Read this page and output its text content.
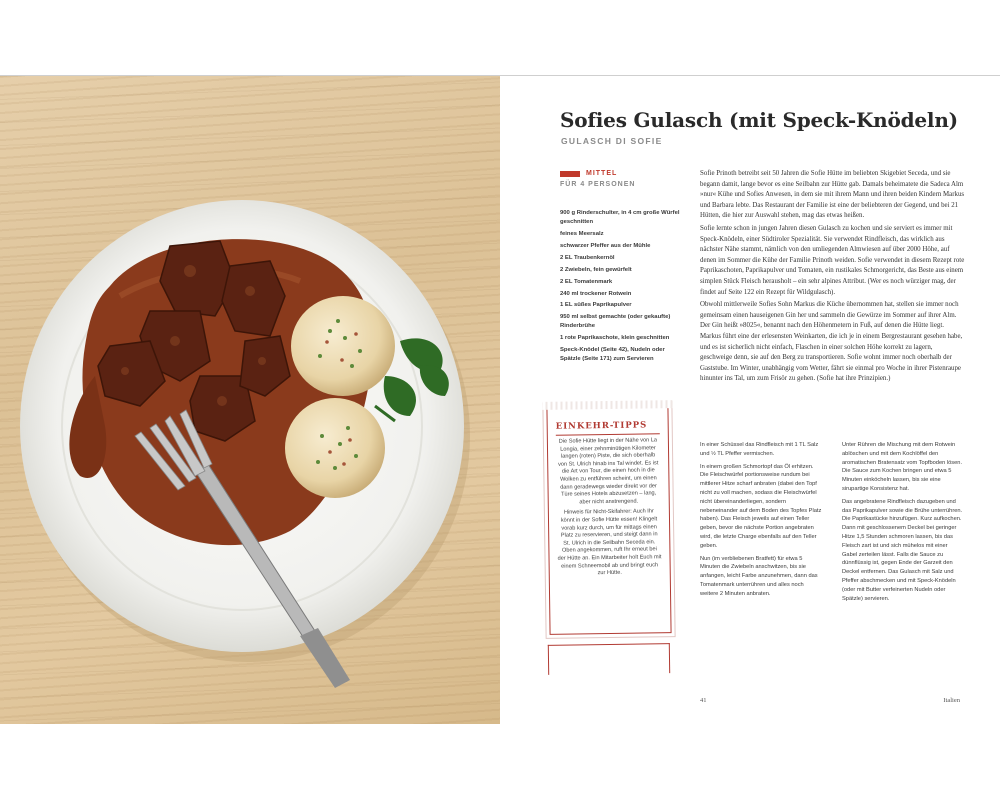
Sofies Gulasch (mit Speck-Knödeln)
GULASCH DI SOFIE
MITTEL
FÜR 4 PERSONEN
900 g Rinderschulter, in 4 cm große Würfel geschnitten
feines Meersalz
schwarzer Pfeffer aus der Mühle
2 EL Traubenkernöl
2 Zwiebeln, fein gewürfelt
2 EL Tomatenmark
240 ml trockener Rotwein
1 EL süßes Paprikapulver
950 ml selbst gemachte (oder gekaufte) Rinderbrühe
1 rote Paprikaschote, klein geschnitten
Speck-Knödel (Seite 42), Nudeln oder Spätzle (Seite 171) zum Servieren
EINKEHR-TIPPS

Die Sofie Hütte liegt in der Nähe von La Longia, einer zehnminütigen Kilometer langen (roten) Piste, die sich oberhalb von St. Ulrich hinab ins Tal windet. Es ist die Art von Tour, die einen hoch in die Wolken zu entführen scheint, um einen dann geradewegs wieder direkt vor der Türe seines Hotels abzusetzen – lang, aber nicht anstrengend.

Hinweis für Nicht-Skifahrer: Auch Ihr könnt in der Sofie Hütte essen! Klingelt vorab kurz durch, um für mittags einen Platz zu reservieren, und steigt dann in St. Ulrich in die Seilbahn Seceda ein. Oben angekommen, ruft Ihr erneut bei der Hütte an. Ein Mitarbeiter holt Euch mit einem Schneemobil ab und bringt euch zur Hütte.

Sofie Prinoth betreibt seit 50 Jahren die Sofie Hütte im beliebten Skigebiet Seceda, und sie begann damit, lange bevor es eine Seilbahn zur Hütte gab. Damals beheimatete die Sadeca Alm »nur« Kühe und Sofies Anwesen, in dem sie mit ihrem Mann und ihren beiden Kindern Markus und Barbara lebte. Das Restaurant der Familie ist eine der beliebteren der Gegend, und bei 21 Hütten, die hier zur Auswahl stehen, mag das etwas heißen.

Sofie lernte schon in jungen Jahren diesen Gulasch zu kochen und sie serviert es immer mit Speck-Knödeln, einer Südtiroler Spezialität. Sie verwendet Rindfleisch, das wirklich aus nächster Nähe stammt, nämlich von den umliegenden Almwiesen auf über 2000 Höhe, auf denen im Sommer die Kühe der Familie Prinoth weiden. Sofie verwendet in diesem Rezept rote Paprikaschoten, Paprikapulver und Tomaten, ein rustikales Schmorgericht, das Beste aus einem simplen Stück Fleisch herausholt – ein sehr alpines Attribut. (Wer es noch würziger mag, der findet auf Seite 122 ein Rezept für Wildgulasch).

Obwohl mittlerweile Sofies Sohn Markus die Küche übernommen hat, stellen sie immer noch gemeinsam einen hauseigenen Gin her und sammeln die Gewürze im Sommer auf ihrer Alm. Der Gin heißt »8025«, benannt nach den Höhenmetern in Fuß, auf denen die Hütte liegt. Markus führt eine der erlesensten Weinkarten, die ich je in einem Bergrestaurant gesehen habe, und es ist sicherlich nicht einfach, Flaschen in einer solchen Höhe korrekt zu lagern, geschweige denn, sie auf den Berg zu transportieren. Sofie wohnt immer noch oberhalb der Gaststube. Im Winter, unabhängig vom Wetter, fährt sie einmal pro Woche in ihrer Pistenraupe hinunter ins Tal, um zum Frisör zu gehen. (Sofie hat ihre Prinzipien.)

In einer Schüssel das Rindfleisch mit 1 TL Salz und ½ TL Pfeffer vermischen.

In einem großen Schmortopf das Öl erhitzen. Die Fleischwürfel portionsweise rundum bei mittlerer Hitze scharf anbraten (dabei den Topf nicht zu voll machen, sodass die Fleischwürfel nicht übereinanderliegen, sondern nebeneinander auf dem Boden des Topfes Platz haben). Das Fleisch jeweils auf einen Teller geben, bevor die nächste Portion angebraten wird, die letzte Charge ebenfalls auf den Teller geben.

Nun (im verbliebenen Bratfett) für etwa 5 Minuten die Zwiebeln anschwitzen, bis sie anfangen, leicht Farbe anzunehmen, dann das Tomatenmark unterrühren und alles noch weitere 2 Minuten anbraten.

Unter Rühren die Mischung mit dem Rotwein ablöschen und mit dem Kochlöffel den aromatischen Bratensatz vom Topfboden lösen. Die Sauce zum Kochen bringen und etwa 5 Minuten einköcheln lassen, bis sie eine sirupartige Konsistenz hat.

Das angebratene Rindfleisch dazugeben und das Paprikapulver sowie die Brühe unterrühren. Die Paprikastücke hinzufügen. Kurz aufkochen. Dann mit geschlossenem Deckel bei geringer Hitze 1,5 Stunden schmoren lassen, bis das Fleisch zart ist und sich mühelos mit einer Gabel zerteilen lässt. Falls die Sauce zu dünnflüssig ist, gegen Ende der Garzeit den Deckel entfernen. Das Gulasch mit Salz und Pfeffer abschmecken und mit Speck-Knödeln (oder mit Butter verfeinerten Nudeln oder Spätzle) servieren.

41	Italien
